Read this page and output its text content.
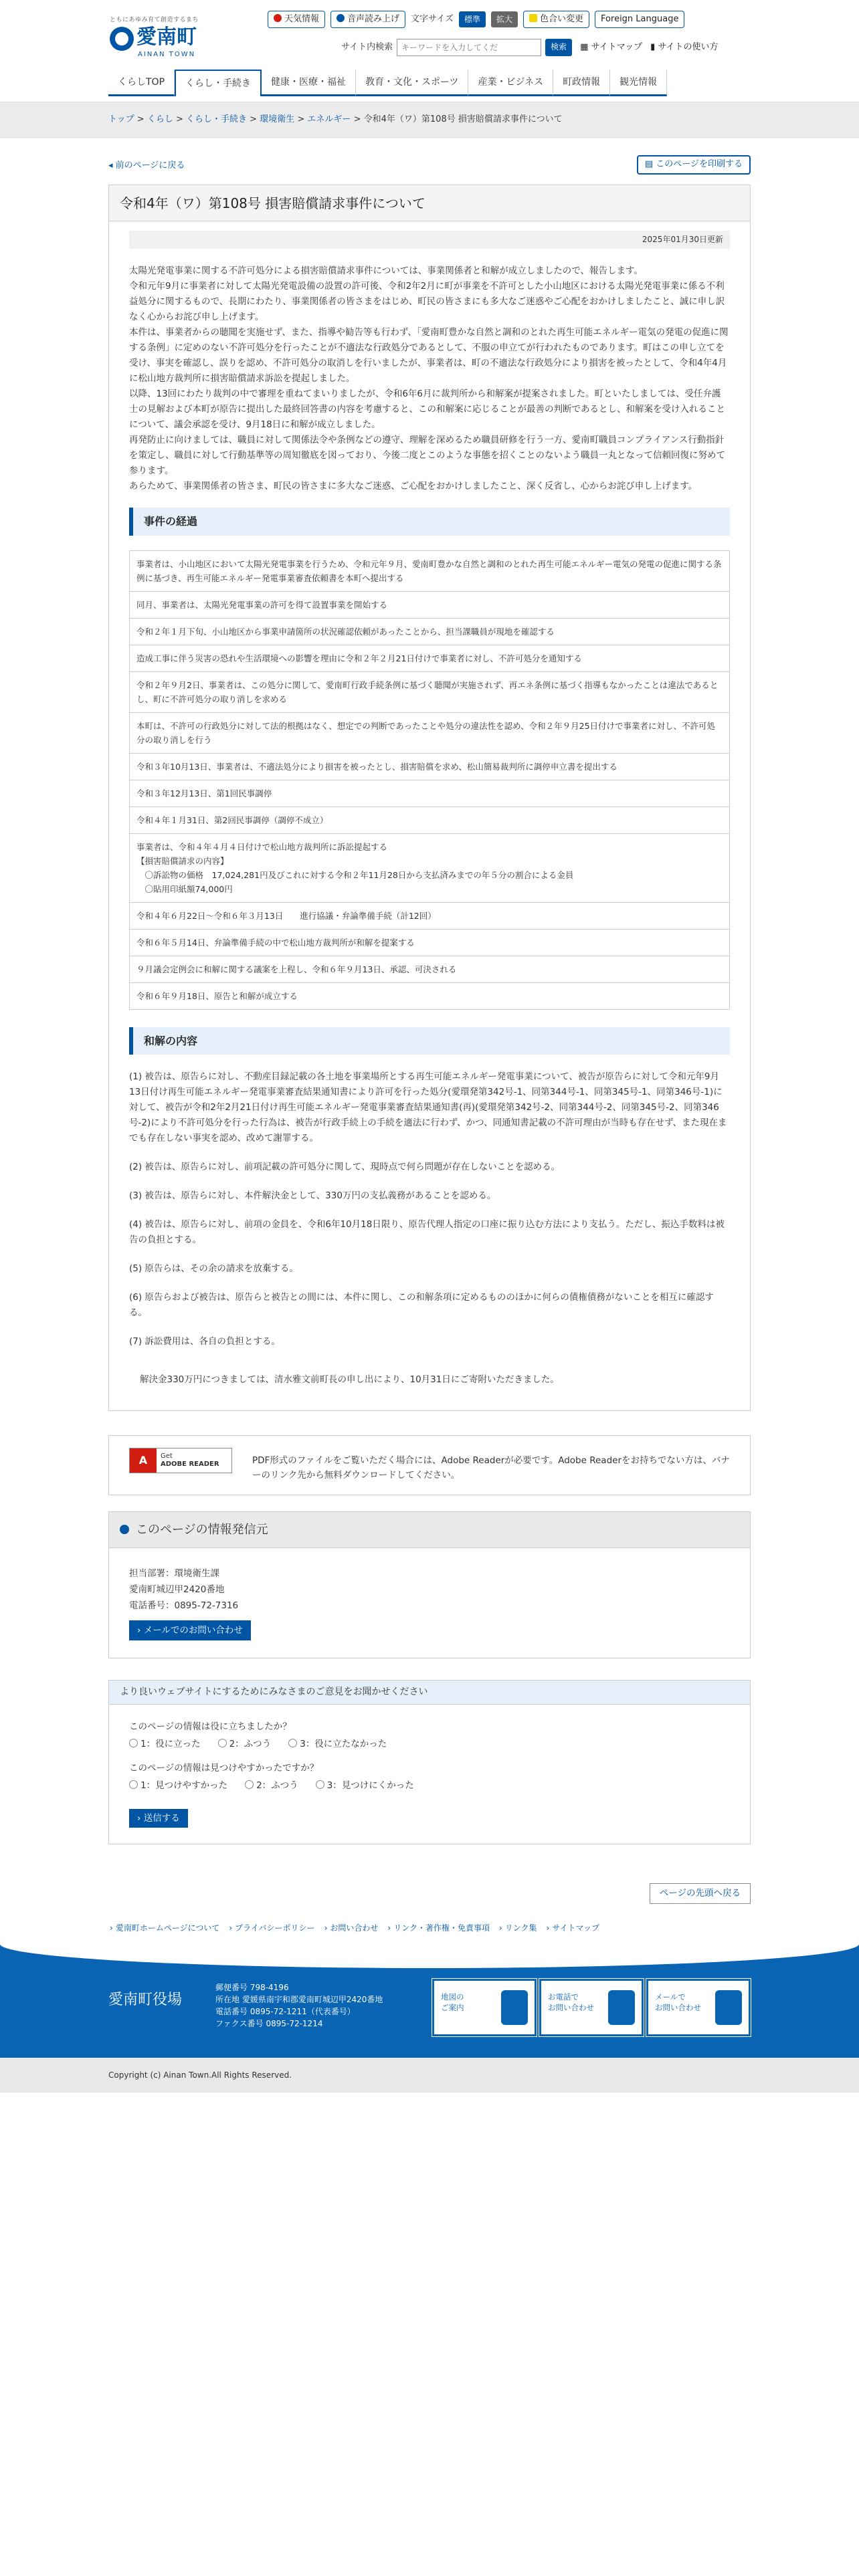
ともにあゆみ育て創造するまち
愛南町
AINAN TOWN
天気情報	音声読み上げ	文字サイズ	標準	拡大	色合い変更	Foreign Language
サイト内検索
キーワードを入力してくだ	検索	▦ サイトマップ ▮ サイトの使い方
くらしTOP	くらし・手続き	健康・医療・福祉	教育・文化・スポーツ	産業・ビジネス	町政情報	観光情報
トップ > くらし > くらし・手続き > 環境衛生 > エネルギー > 令和4年（ワ）第108号 損害賠償請求事件について
◂ 前のページに戻る	▤ このページを印刷する
令和4年（ワ）第108号 損害賠償請求事件について
2025年01月30日更新

太陽光発電事業に関する不許可処分による損害賠償請求事件については、事業関係者と和解が成立しましたので、報告します。

令和元年9月に事業者に対して太陽光発電設備の設置の許可後、令和2年2月に町が事業を不許可とした小山地区における太陽光発電事業に係る不利益処分に関するもので、長期にわたり、事業関係者の皆さまをはじめ、町民の皆さまにも多大なご迷惑やご心配をおかけしましたこと、誠に申し訳なく心からお詫び申し上げます。

本件は、事業者からの聴聞を実施せず、また、指導や勧告等も行わず、「愛南町豊かな自然と調和のとれた再生可能エネルギー電気の発電の促進に関する条例」に定めのない不許可処分を行ったことが不適法な行政処分であるとして、不服の申立てが行われたものであります。町はこの申し立てを受け、事実を確認し、誤りを認め、不許可処分の取消しを行いましたが、事業者は、町の不適法な行政処分により損害を被ったとして、令和4年4月に松山地方裁判所に損害賠償請求訴訟を提起しました。

以降、13回にわたり裁判の中で審理を重ねてまいりましたが、令和6年6月に裁判所から和解案が提案されました。町といたしましては、受任弁護士の見解および本町が原告に提出した最終回答書の内容を考慮すると、この和解案に応じることが最善の判断であるとし、和解案を受け入れることについて、議会承認を受け、9月18日に和解が成立しました。

再発防止に向けましては、職員に対して関係法令や条例などの遵守、理解を深めるため職員研修を行う一方、愛南町職員コンプライアンス行動指針を策定し、職員に対して行動基準等の周知徹底を図っており、今後二度とこのような事態を招くことのないよう職員一丸となって信頼回復に努めて参ります。

あらためて、事業関係者の皆さま、町民の皆さまに多大なご迷惑、ご心配をおかけしましたこと、深く反省し、心からお詫び申し上げます。

事件の経過
事業者は、小山地区において太陽光発電事業を行うため、令和元年９月、愛南町豊かな自然と調和のとれた再生可能エネルギー電気の発電の促進に関する条例に基づき、再生可能エネルギー発電事業審査依頼書を本町へ提出する
同月、事業者は、太陽光発電事業の許可を得て設置事業を開始する
令和２年１月下旬、小山地区から事業申請箇所の状況確認依頼があったことから、担当課職員が現地を確認する
造成工事に伴う災害の恐れや生活環境への影響を理由に令和２年２月21日付けで事業者に対し、不許可処分を通知する
令和２年９月2日、事業者は、この処分に関して、愛南町行政手続条例に基づく聴聞が実施されず、再エネ条例に基づく指導もなかったことは違法であるとし、町に不許可処分の取り消しを求める
本町は、不許可の行政処分に対して法的根拠はなく、想定での判断であったことや処分の違法性を認め、令和２年９月25日付けで事業者に対し、不許可処分の取り消しを行う
令和３年10月13日、事業者は、不適法処分により損害を被ったとし、損害賠償を求め、松山簡易裁判所に調停申立書を提出する
令和３年12月13日、第1回民事調停
令和４年１月31日、第2回民事調停（調停不成立）
事業者は、令和４年４月４日付けで松山地方裁判所に訴訟提起する
【損害賠償請求の内容】
　〇訴訟物の価格　17,024,281円及びこれに対する令和２年11月28日から支払済みまでの年５分の割合による金員
　〇貼用印紙額74,000円
令和４年６月22日～令和６年３月13日　　進行協議・弁論準備手続（計12回）
令和６年５月14日、弁論準備手続の中で松山地方裁判所が和解を提案する
９月議会定例会に和解に関する議案を上程し、令和６年９月13日、承認、可決される
令和６年９月18日、原告と和解が成立する
和解の内容

(1) 被告は、原告らに対し、不動産目録記載の各土地を事業場所とする再生可能エネルギー発電事業について、被告が原告らに対して令和元年9月13日付け再生可能エネルギー発電事業審査結果通知書により許可を行った処分(愛環発第342号-1、同第344号-1、同第345号-1、同第346号-1)に対して、被告が令和2年2月21日付け再生可能エネルギー発電事業審査結果通知書(再)(愛環発第342号-2、同第344号-2、同第345号-2、同第346号-2)により不許可処分を行った行為は、被告が行政手続上の手続を適法に行わず、かつ、同通知書記載の不許可理由が当時も存在せず、また現在までも存在しない事実を認め、改めて謝罪する。

(2) 被告は、原告らに対し、前項記載の許可処分に関して、現時点で何ら問題が存在しないことを認める。

(3) 被告は、原告らに対し、本件解決金として、330万円の支払義務があることを認める。

(4) 被告は、原告らに対し、前項の金員を、令和6年10月18日限り、原告代理人指定の口座に振り込む方法により支払う。ただし、振込手数料は被告の負担とする。

(5) 原告らは、その余の請求を放棄する。

(6) 原告らおよび被告は、原告らと被告との間には、本件に関し、この和解条項に定めるもののほかに何らの債権債務がないことを相互に確認する。

(7) 訴訟費用は、各自の負担とする。

解決金330万円につきましては、清水雅文前町長の申し出により、10月31日にご寄附いただきました。

A	Get
ADOBE READER	PDF形式のファイルをご覧いただく場合には、Adobe Readerが必要です。Adobe Readerをお持ちでない方は、バナーのリンク先から無料ダウンロードしてください。
このページの情報発信元
担当部署：環境衛生課
愛南町城辺甲2420番地
電話番号：0895-72-7316
› メールでのお問い合わせ
より良いウェブサイトにするためにみなさまのご意見をお聞かせください
このページの情報は役に立ちましたか？
1：役に立った	2：ふつう	3：役に立たなかった
このページの情報は見つけやすかったですか？
1：見つけやすかった	2：ふつう	3：見つけにくかった
› 送信する
ページの先頭へ戻る
› 愛南町ホームページについて	› プライバシーポリシー	› お問い合わせ	› リンク・著作権・免責事項	› リンク集	› サイトマップ
愛南町役場
郵便番号 798-4196
所在地 愛媛県南宇和郡愛南町城辺甲2420番地
電話番号 0895-72-1211（代表番号）
ファクス番号 0895-72-1214
地図の
ご案内
お電話で
お問い合わせ
メールで
お問い合わせ
Copyright (c) Ainan Town.All Rights Reserved.
